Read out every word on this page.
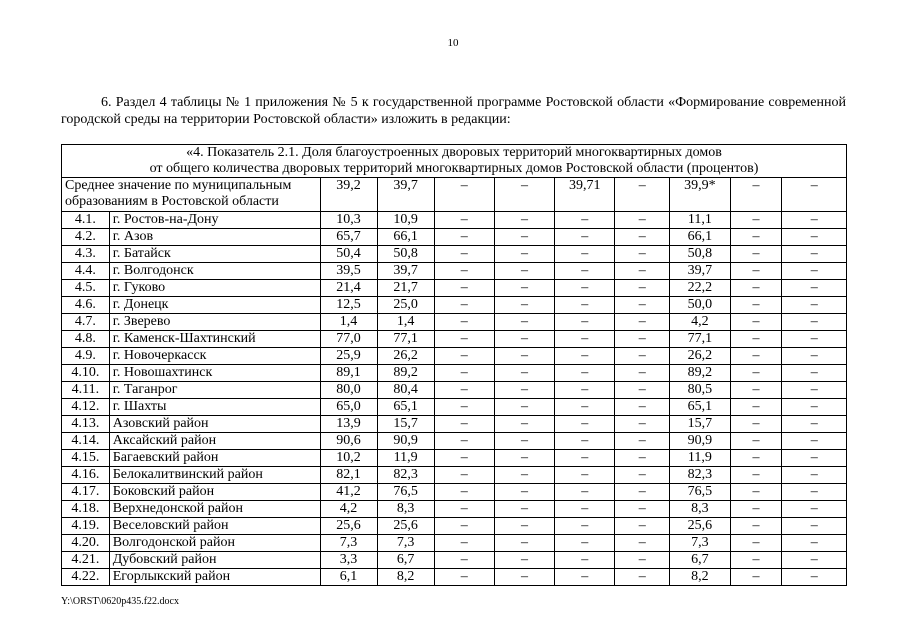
10
6. Раздел 4 таблицы № 1 приложения № 5 к государственной программе Ростовской области «Формирование современной городской среды на территории Ростовской области» изложить в редакции:
«4. Показатель 2.1. Доля благоустроенных дворовых территорий многоквартирных домов
от общего количества дворовых территорий многоквартирных домов Ростовской области (процентов)										

Среднее значение по муниципальным образованиям в Ростовской области		39,2	39,7	–	–	39,71	–	39,9*	–	–
4.1.	г. Ростов-на-Дону	10,3	10,9	–	–	–	–	11,1	–	–
4.2.	г. Азов	65,7	66,1	–	–	–	–	66,1	–	–
4.3.	г. Батайск	50,4	50,8	–	–	–	–	50,8	–	–
4.4.	г. Волгодонск	39,5	39,7	–	–	–	–	39,7	–	–
4.5.	г. Гуково	21,4	21,7	–	–	–	–	22,2	–	–
4.6.	г. Донецк	12,5	25,0	–	–	–	–	50,0	–	–
4.7.	г. Зверево	1,4	1,4	–	–	–	–	4,2	–	–
4.8.	г. Каменск-Шахтинский	77,0	77,1	–	–	–	–	77,1	–	–
4.9.	г. Новочеркасск	25,9	26,2	–	–	–	–	26,2	–	–
4.10.	г. Новошахтинск	89,1	89,2	–	–	–	–	89,2	–	–
4.11.	г. Таганрог	80,0	80,4	–	–	–	–	80,5	–	–
4.12.	г. Шахты	65,0	65,1	–	–	–	–	65,1	–	–
4.13.	Азовский район	13,9	15,7	–	–	–	–	15,7	–	–
4.14.	Аксайский район	90,6	90,9	–	–	–	–	90,9	–	–
4.15.	Багаевский район	10,2	11,9	–	–	–	–	11,9	–	–
4.16.	Белокалитвинский район	82,1	82,3	–	–	–	–	82,3	–	–
4.17.	Боковский район	41,2	76,5	–	–	–	–	76,5	–	–
4.18.	Верхнедонской район	4,2	8,3	–	–	–	–	8,3	–	–
4.19.	Веселовский район	25,6	25,6	–	–	–	–	25,6	–	–
4.20.	Волгодонской район	7,3	7,3	–	–	–	–	7,3	–	–
4.21.	Дубовский район	3,3	6,7	–	–	–	–	6,7	–	–
4.22.	Егорлыкский район	6,1	8,2	–	–	–	–	8,2	–	–
Y:\ORST\0620p435.f22.docx
